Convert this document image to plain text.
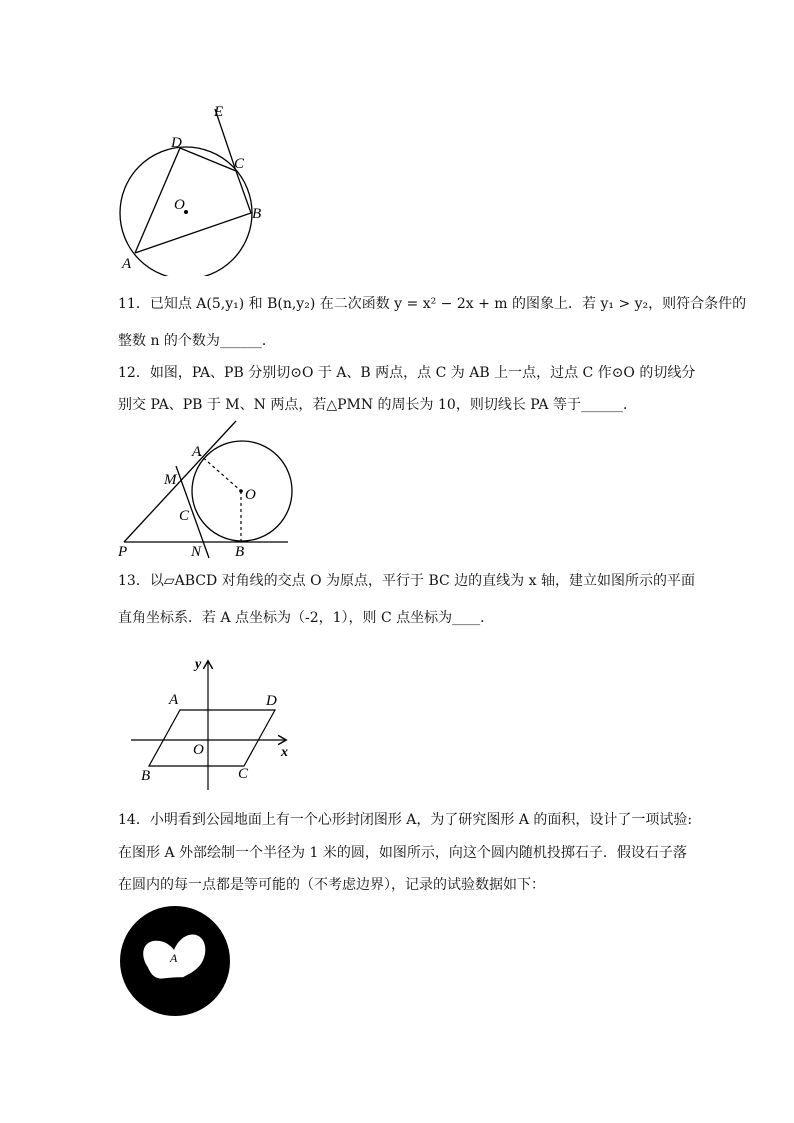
E
D
C
O
B
A
11．已知点 A(5,y₁) 和 B(n,y₂) 在二次函数 y = x² − 2x + m 的图象上．若 y₁ > y₂，则符合条件的
整数 n 的个数为______．
12．如图，PA、PB 分别切⊙O 于 A、B 两点，点 C 为 AB 上一点，过点 C 作⊙O 的切线分
别交 PA、PB 于 M、N 两点，若△PMN 的周长为 10，则切线长 PA 等于______．
A
M
O
C
P	N B
13．以▱ABCD 对角线的交点 O 为原点，平行于 BC 边的直线为 x 轴，建立如图所示的平面
直角坐标系．若 A 点坐标为（-2，1），则 C 点坐标为____．
y
x
A	D
O
B	C
14．小明看到公园地面上有一个心形封闭图形 A，为了研究图形 A 的面积，设计了一项试验:
在图形 A 外部绘制一个半径为 1 米的圆，如图所示，向这个圆内随机投掷石子．假设石子落
在圆内的每一点都是等可能的（不考虑边界），记录的试验数据如下：
A
